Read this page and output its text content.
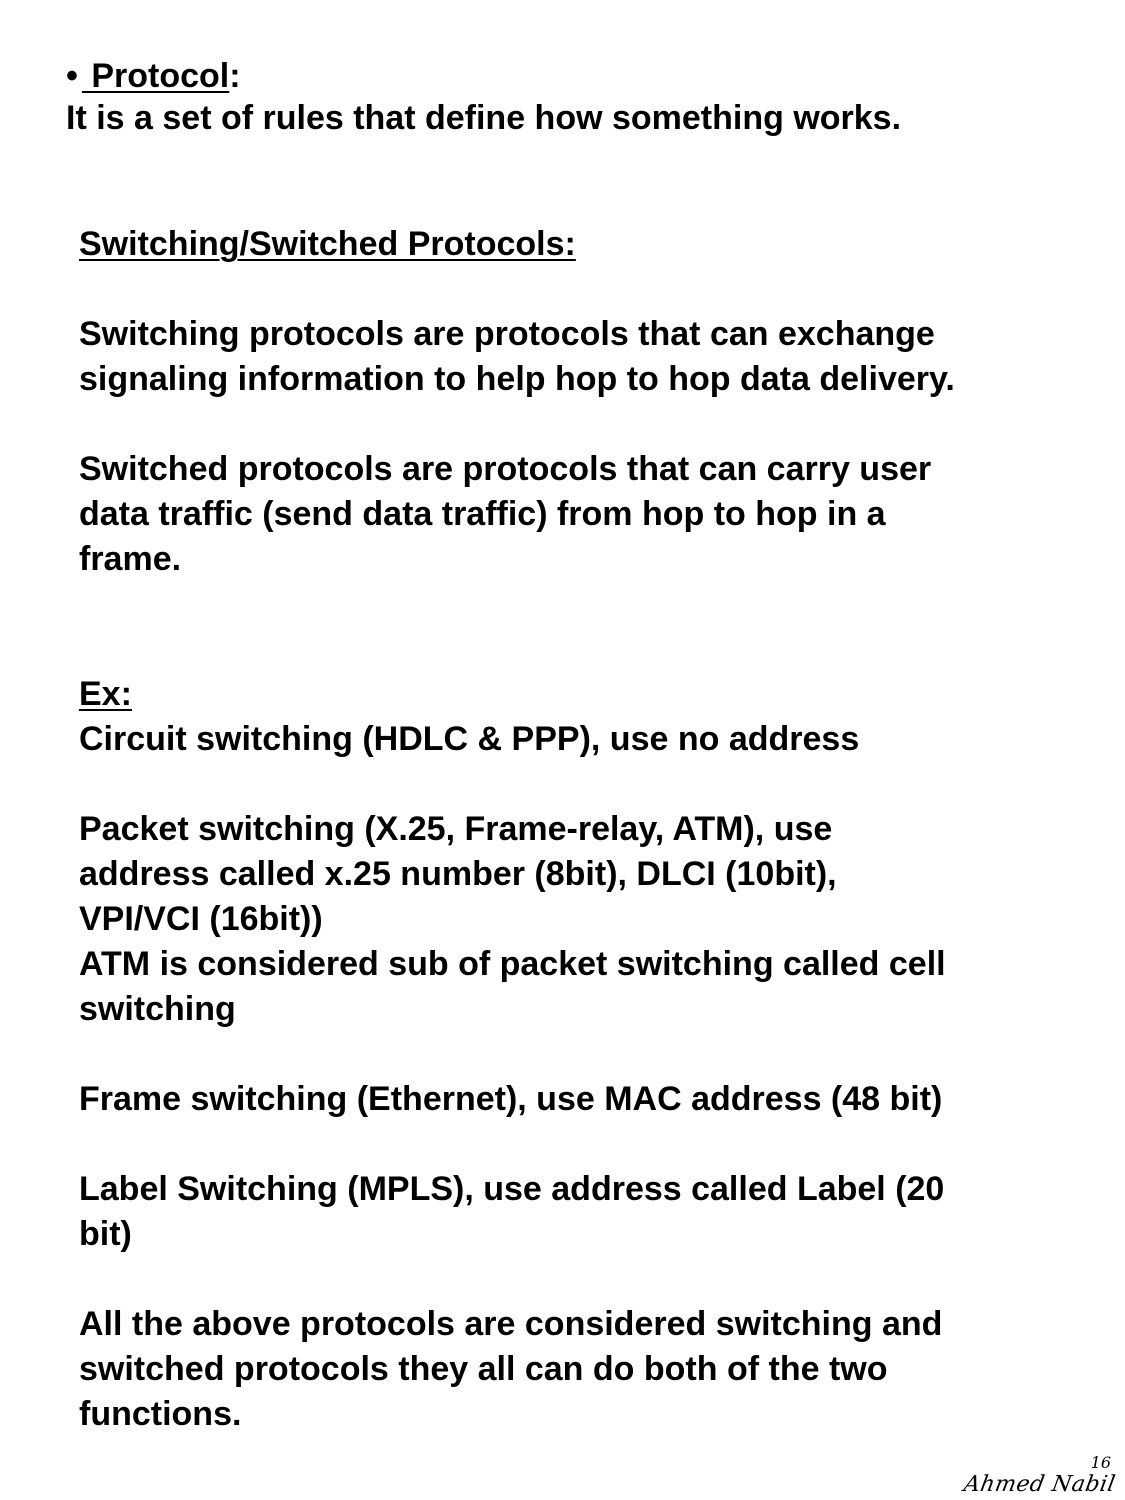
• Protocol:

It is a set of rules that define how something works.

Switching/Switched Protocols:

Switching protocols are protocols that can exchange

signaling information to help hop to hop data delivery.

Switched protocols are protocols that can carry user

data traffic (send data traffic) from hop to hop in a

frame.

Ex:

Circuit switching (HDLC & PPP), use no address

Packet switching (X.25, Frame-relay, ATM), use

address called x.25 number (8bit), DLCI (10bit),

VPI/VCI (16bit))

ATM is considered sub of packet switching called cell

switching

Frame switching (Ethernet), use MAC address (48 bit)

Label Switching (MPLS), use address called Label (20

bit)

All the above protocols are considered switching and

switched protocols they all can do both of the two

functions.

16
Ahmed Nabil
